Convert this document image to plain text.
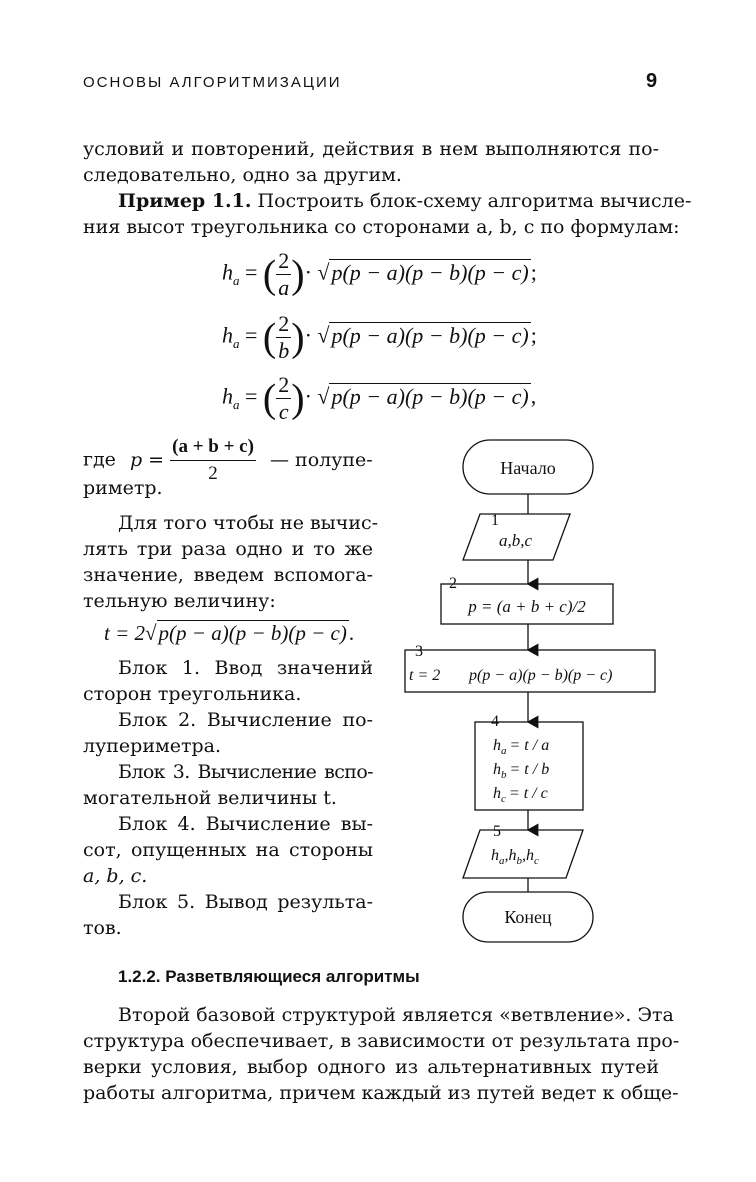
ОСНОВЫ АЛГОРИТМИЗАЦИИ	9
условий и повторений, действия в нем выполняются по-
следовательно, одно за другим.
Пример 1.1. Построить блок-схему алгоритма вычисле-
ния высот треугольника со сторонами a, b, c по формулам:
$h_a$ = ( $\frac{2}{a}$ )· √p(p − a)(p − b)(p − c);
$h_a$ = ( $\frac{2}{b}$ )· √p(p − a)(p − b)(p − c);
$h_a$ = ( $\frac{2}{c}$ )· √p(p − a)(p − b)(p − c),
где $p = \frac{(a + b + c)}{2}$ — полупе-
риметр.
Для того чтобы не вычис-
лять три раза одно и то же
значение, введем вспомога-
тельную величину:
t = 2√p(p − a)(p − b)(p − c).
Блок 1. Ввод значений
сторон треугольника.
Блок 2. Вычисление по-
лупериметра.
Блок 3. Вычисление вспо-
могательной величины t.
Блок 4. Вычисление вы-
сот, опущенных на стороны
a, b, c.
Блок 5. Вывод результа-
тов.
Начало
1
a,b,c
2
p = (a + b + c)/2
3
t = 2 p(p − a)(p − b)(p − c)
4
$h_a = t / a$
$h_b = t / b$
$h_c = t / c$
5
$h_a,h_b,h_c$
Конец
1.2.2. Разветвляющиеся алгоритмы
Второй базовой структурой является «ветвление». Эта
структура обеспечивает, в зависимости от результата про-
верки условия, выбор одного из альтернативных путей
работы алгоритма, причем каждый из путей ведет к обще-
